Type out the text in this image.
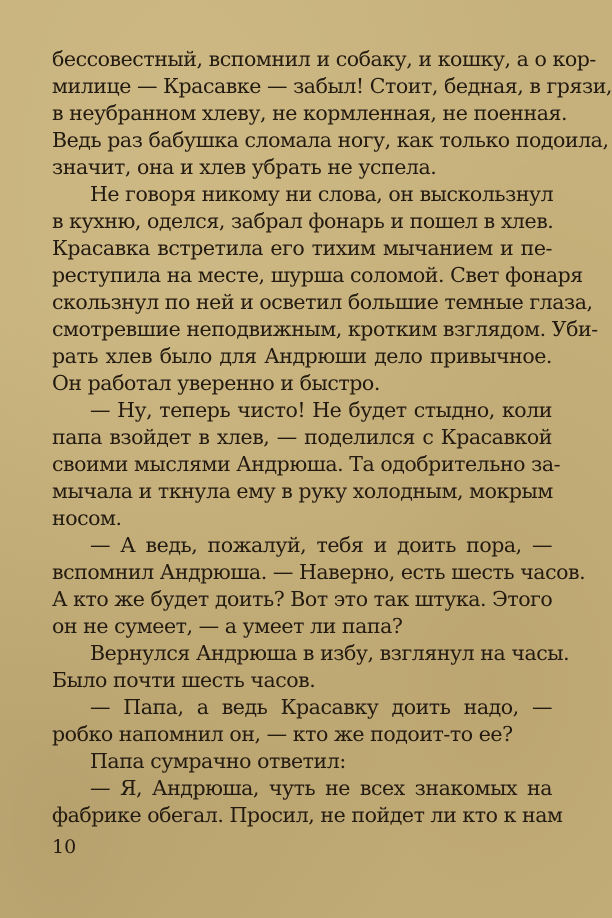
бессовестный, вспомнил и собаку, и кошку, а о кор-
милице — Красавке — забыл! Стоит, бедная, в грязи,
в неубранном хлеву, не кормленная, не поенная.
Ведь раз бабушка сломала ногу, как только подоила,
значит, она и хлев убрать не успела.
Не говоря никому ни слова, он выскользнул
в кухню, оделся, забрал фонарь и пошел в хлев.
Красавка встретила его тихим мычанием и пе-
реступила на месте, шурша соломой. Свет фонаря
скользнул по ней и осветил большие темные глаза,
смотревшие неподвижным, кротким взглядом. Уби-
рать хлев было для Андрюши дело привычное.
Он работал уверенно и быстро.
— Ну, теперь чисто! Не будет стыдно, коли
папа взойдет в хлев, — поделился с Красавкой
своими мыслями Андрюша. Та одобрительно за-
мычала и ткнула ему в руку холодным, мокрым
носом.
— А ведь, пожалуй, тебя и доить пора, —
вспомнил Андрюша. — Наверно, есть шесть часов.
А кто же будет доить? Вот это так штука. Этого
он не сумеет, — а умеет ли папа?
Вернулся Андрюша в избу, взглянул на часы.
Было почти шесть часов.
— Папа, а ведь Красавку доить надо, —
робко напомнил он, — кто же подоит-то ее?
Папа сумрачно ответил:
— Я, Андрюша, чуть не всех знакомых на
фабрике обегал. Просил, не пойдет ли кто к нам
10
